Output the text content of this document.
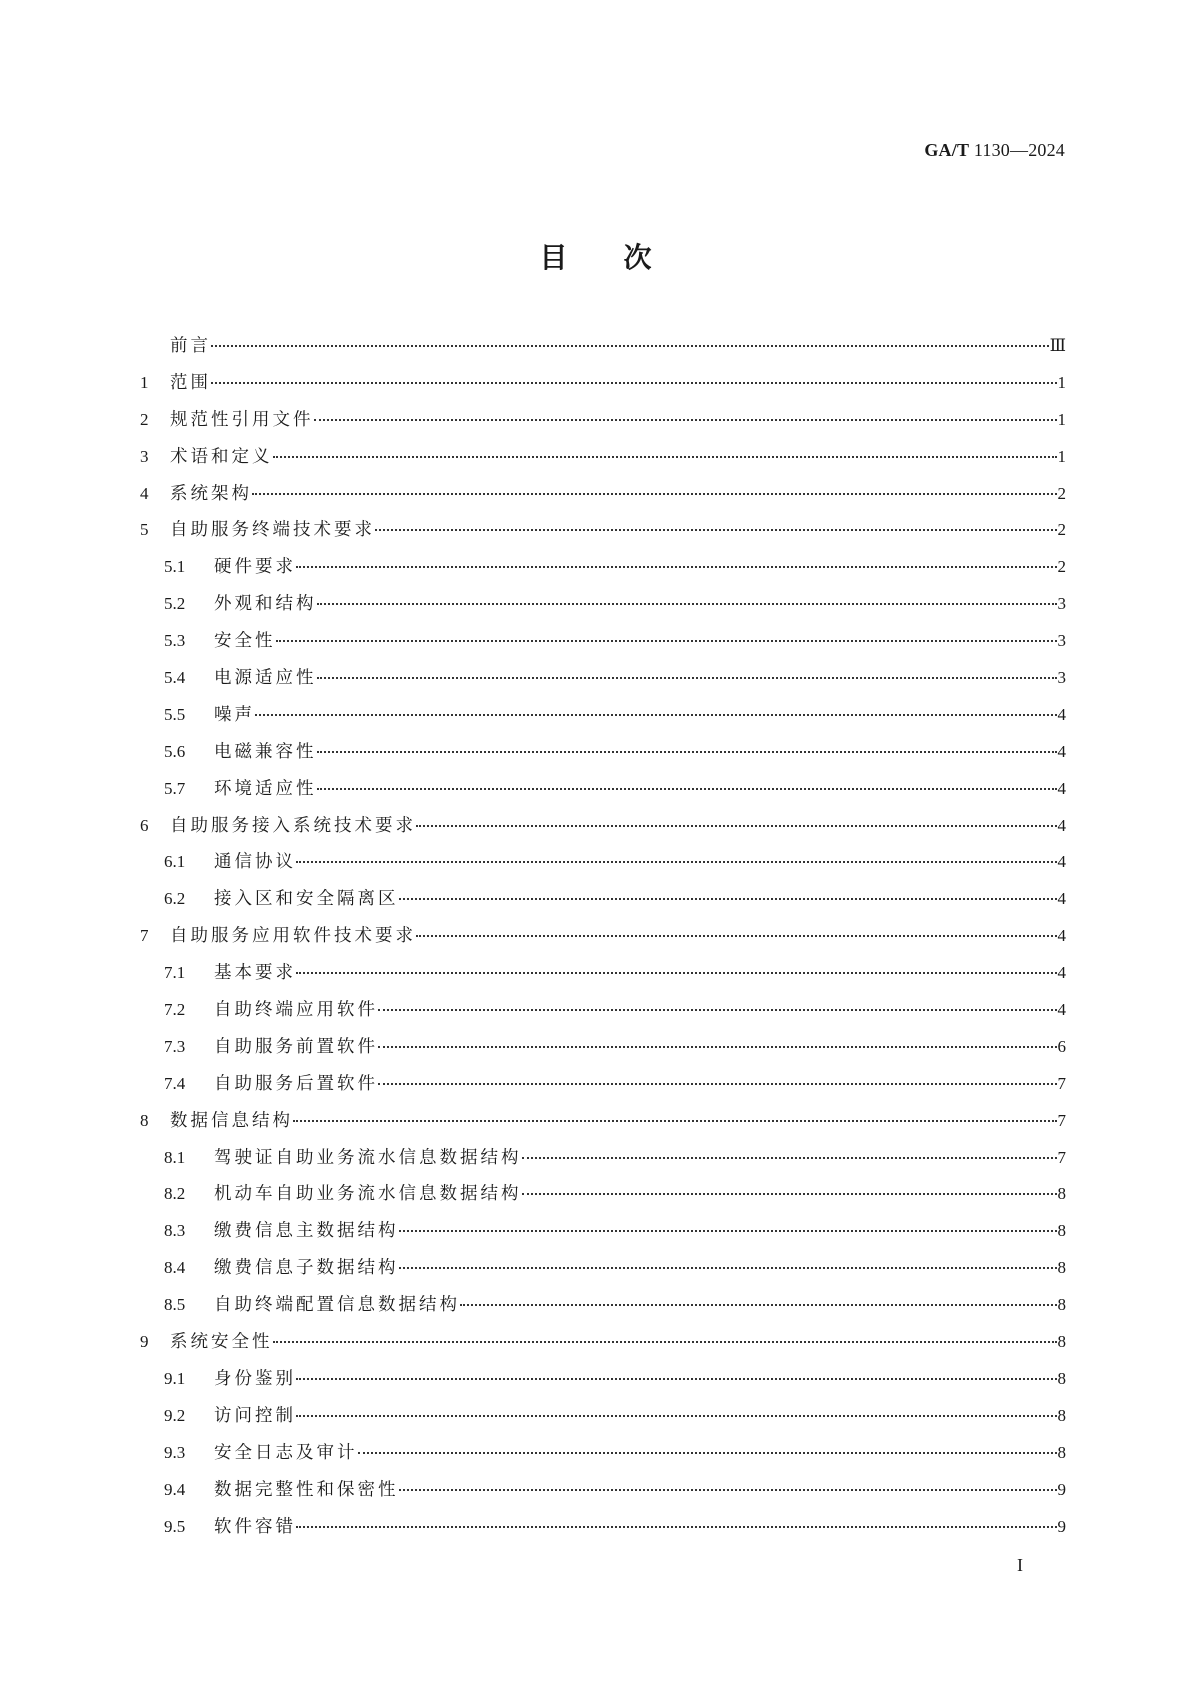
GA/T 1130—2024
目次
前言	Ⅲ
1	范围	1
2	规范性引用文件	1
3	术语和定义	1
4	系统架构	2
5	自助服务终端技术要求	2
5.1	硬件要求	2
5.2	外观和结构	3
5.3	安全性	3
5.4	电源适应性	3
5.5	噪声	4
5.6	电磁兼容性	4
5.7	环境适应性	4
6	自助服务接入系统技术要求	4
6.1	通信协议	4
6.2	接入区和安全隔离区	4
7	自助服务应用软件技术要求	4
7.1	基本要求	4
7.2	自助终端应用软件	4
7.3	自助服务前置软件	6
7.4	自助服务后置软件	7
8	数据信息结构	7
8.1	驾驶证自助业务流水信息数据结构	7
8.2	机动车自助业务流水信息数据结构	8
8.3	缴费信息主数据结构	8
8.4	缴费信息子数据结构	8
8.5	自助终端配置信息数据结构	8
9	系统安全性	8
9.1	身份鉴别	8
9.2	访问控制	8
9.3	安全日志及审计	8
9.4	数据完整性和保密性	9
9.5	软件容错	9
I
